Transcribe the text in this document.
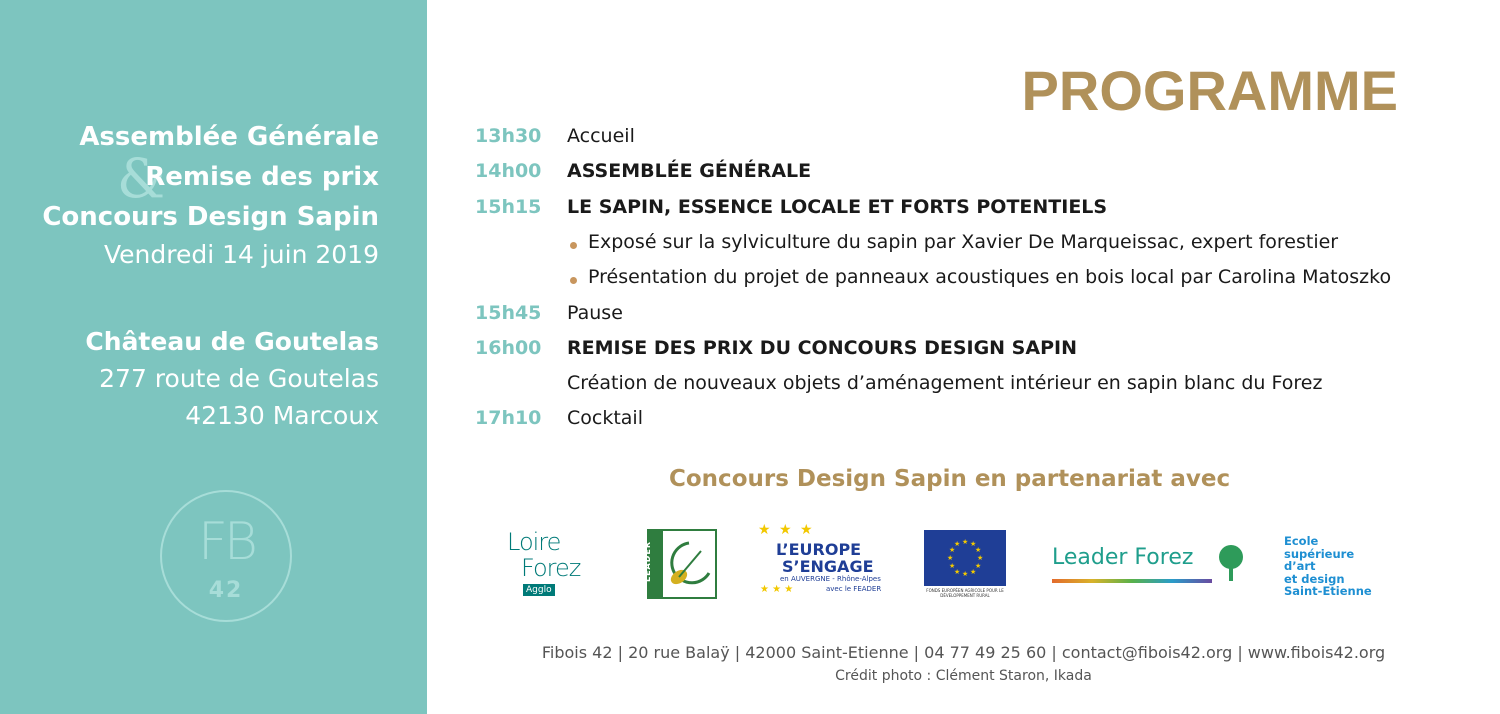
Assemblée Générale
&
Remise des prix
Concours Design Sapin
Vendredi 14 juin 2019
Château de Goutelas
277 route de Goutelas
42130 Marcoux
FB
42
PROGRAMME
13h30 Accueil
14h00 ASSEMBLÉE GÉNÉRALE
15h15 LE SAPIN, ESSENCE LOCALE ET FORTS POTENTIELS
Exposé sur la sylviculture du sapin par Xavier De Marqueissac, expert forestier
Présentation du projet de panneaux acoustiques en bois local par Carolina Matoszko
15h45 Pause
16h00 REMISE DES PRIX DU CONCOURS DESIGN SAPIN
Création de nouveaux objets d’aménagement intérieur en sapin blanc du Forez
17h10 Cocktail
Concours Design Sapin en partenariat avec
Loire
Forez
Agglo
LEADER
★ ★ ★
L’EUROPE
S’ENGAGE
en AUVERGNE - Rhône-Alpes
avec le FEADER
★ ★ ★
★ ★
★
★
★
★
★
★
★
★
★
★
FONDS EUROPÉEN AGRICOLE POUR LE DÉVELOPPEMENT RURAL
Leader Forez
Ecole
supérieure
d’art
et design
Saint-Etienne
Fibois 42 | 20 rue Balaÿ | 42000 Saint-Etienne | 04 77 49 25 60 | contact@fibois42.org | www.fibois42.org
Crédit photo : Clément Staron, Ikada
